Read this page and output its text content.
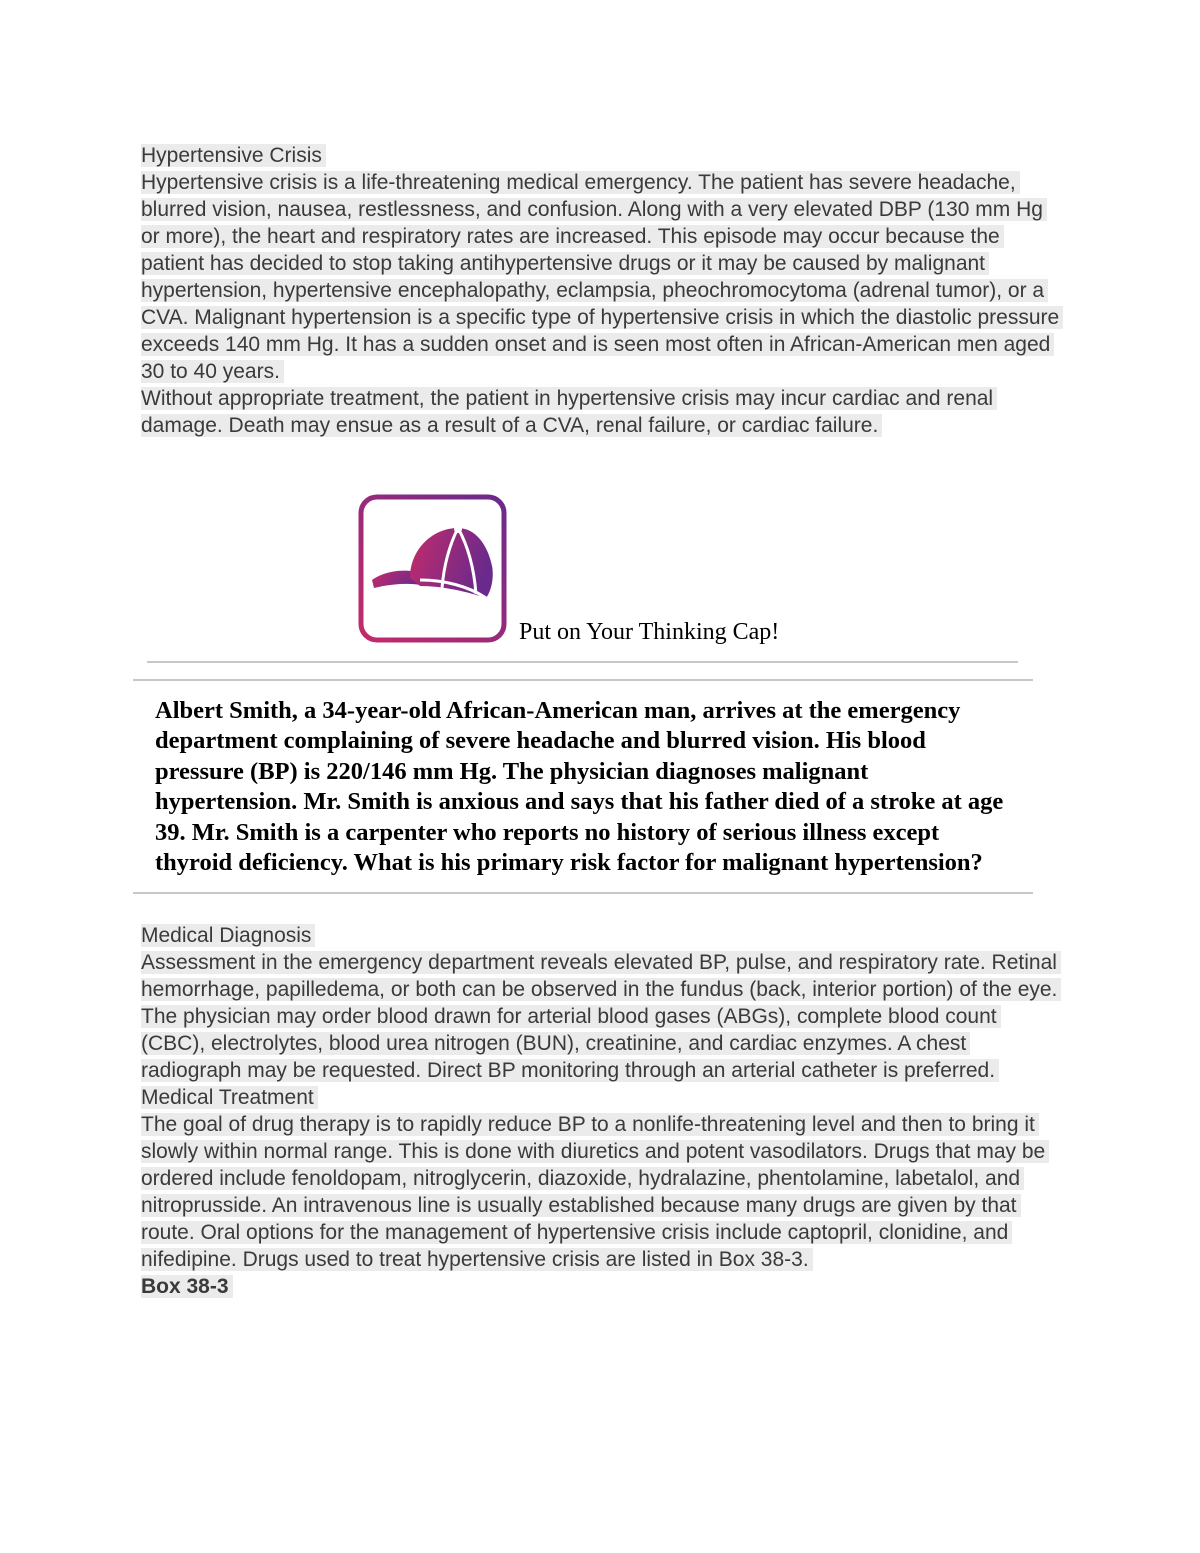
Hypertensive Crisis

Hypertensive crisis is a life-threatening medical emergency. The patient has severe headache, blurred vision, nausea, restlessness, and confusion. Along with a very elevated DBP (130 mm Hg or more), the heart and respiratory rates are increased. This episode may occur because the patient has decided to stop taking antihypertensive drugs or it may be caused by malignant hypertension, hypertensive encephalopathy, eclampsia, pheochromocytoma (adrenal tumor), or a CVA. Malignant hypertension is a specific type of hypertensive crisis in which the diastolic pressure exceeds 140 mm Hg. It has a sudden onset and is seen most often in African-American men aged 30 to 40 years.

Without appropriate treatment, the patient in hypertensive crisis may incur cardiac and renal damage. Death may ensue as a result of a CVA, renal failure, or cardiac failure.

Put on Your Thinking Cap!
Albert Smith, a 34-year-old African-American man, arrives at the emergency department complaining of severe headache and blurred vision. His blood pressure (BP) is 220/146 mm Hg. The physician diagnoses malignant hypertension. Mr. Smith is anxious and says that his father died of a stroke at age 39. Mr. Smith is a carpenter who reports no history of serious illness except thyroid deficiency. What is his primary risk factor for malignant hypertension?

Medical Diagnosis

Assessment in the emergency department reveals elevated BP, pulse, and respiratory rate. Retinal hemorrhage, papilledema, or both can be observed in the fundus (back, interior portion) of the eye.

The physician may order blood drawn for arterial blood gases (ABGs), complete blood count (CBC), electrolytes, blood urea nitrogen (BUN), creatinine, and cardiac enzymes. A chest radiograph may be requested. Direct BP monitoring through an arterial catheter is preferred.

Medical Treatment

The goal of drug therapy is to rapidly reduce BP to a nonlife-threatening level and then to bring it slowly within normal range. This is done with diuretics and potent vasodilators. Drugs that may be ordered include fenoldopam, nitroglycerin, diazoxide, hydralazine, phentolamine, labetalol, and nitroprusside. An intravenous line is usually established because many drugs are given by that route. Oral options for the management of hypertensive crisis include captopril, clonidine, and nifedipine. Drugs used to treat hypertensive crisis are listed in Box 38-3.

Box 38-3
